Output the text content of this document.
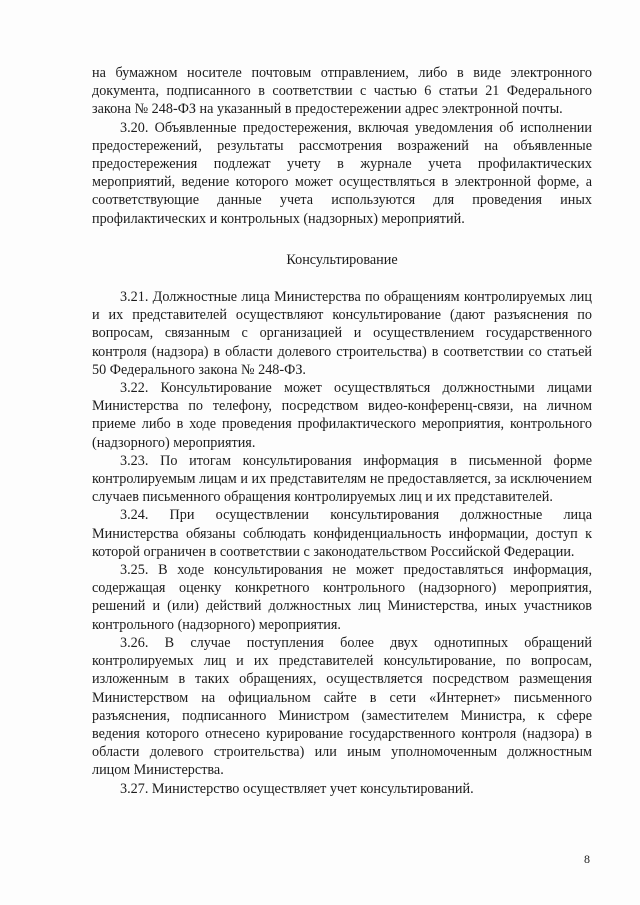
на бумажном носителе почтовым отправлением, либо в виде электронного документа, подписанного в соответствии с частью 6 статьи 21 Федерального закона № 248-ФЗ на указанный в предостережении адрес электронной почты.

3.20. Объявленные предостережения, включая уведомления об исполнении предостережений, результаты рассмотрения возражений на объявленные предостережения подлежат учету в журнале учета профилактических мероприятий, ведение которого может осуществляться в электронной форме, а соответствующие данные учета используются для проведения иных профилактических и контрольных (надзорных) мероприятий.

Консультирование

3.21. Должностные лица Министерства по обращениям контролируемых лиц и их представителей осуществляют консультирование (дают разъяснения по вопросам, связанным с организацией и осуществлением государственного контроля (надзора) в области долевого строительства) в соответствии со статьей 50 Федерального закона № 248-ФЗ.

3.22. Консультирование может осуществляться должностными лицами Министерства по телефону, посредством видео-конференц-связи, на личном приеме либо в ходе проведения профилактического мероприятия, контрольного (надзорного) мероприятия.

3.23. По итогам консультирования информация в письменной форме контролируемым лицам и их представителям не предоставляется, за исключением случаев письменного обращения контролируемых лиц и их представителей.

3.24. При осуществлении консультирования должностные лица Министерства обязаны соблюдать конфиденциальность информации, доступ к которой ограничен в соответствии с законодательством Российской Федерации.

3.25. В ходе консультирования не может предоставляться информация, содержащая оценку конкретного контрольного (надзорного) мероприятия, решений и (или) действий должностных лиц Министерства, иных участников контрольного (надзорного) мероприятия.

3.26. В случае поступления более двух однотипных обращений контролируемых лиц и их представителей консультирование, по вопросам, изложенным в таких обращениях, осуществляется посредством размещения Министерством на официальном сайте в сети «Интернет» письменного разъяснения, подписанного Министром (заместителем Министра, к сфере ведения которого отнесено курирование государственного контроля (надзора) в области долевого строительства) или иным уполномоченным должностным лицом Министерства.

3.27. Министерство осуществляет учет консультирований.

8
